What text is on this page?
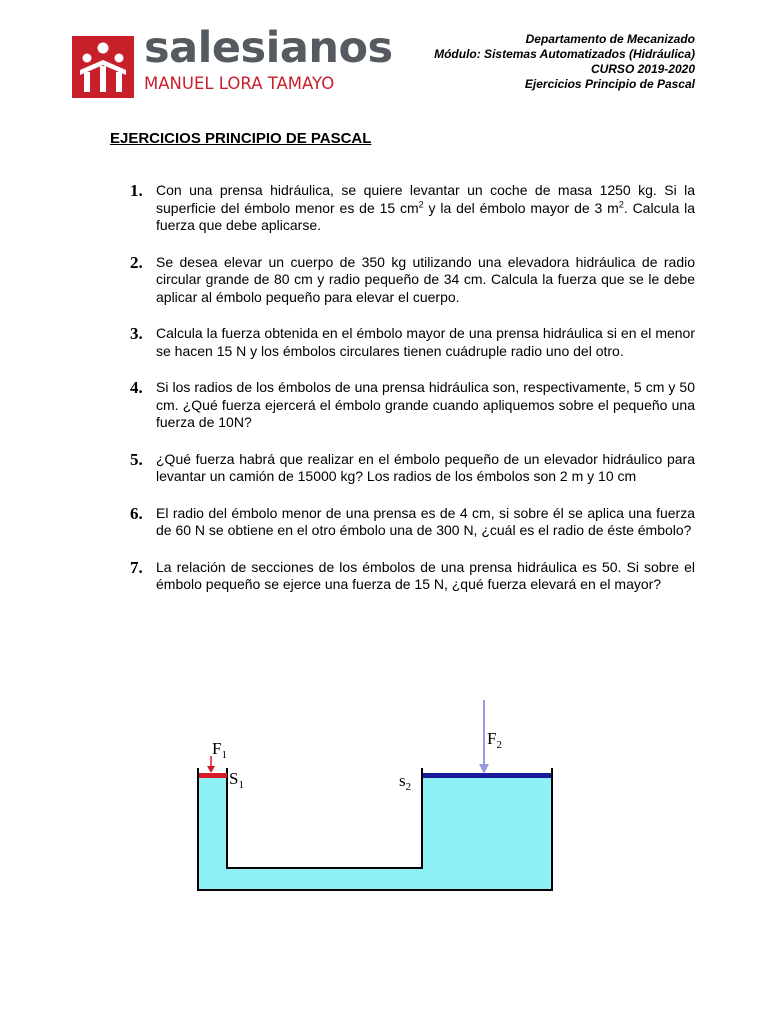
salesianos
MANUEL LORA TAMAYO
Departamento de Mecanizado
Módulo: Sistemas Automatizados (Hidráulica)
CURSO 2019-2020
Ejercicios Principio de Pascal
EJERCICIOS PRINCIPIO DE PASCAL
1. Con una prensa hidráulica, se quiere levantar un coche de masa 1250 kg. Si la superficie del émbolo menor es de 15 $cm^2$ y la del émbolo mayor de 3 $m^2$. Calcula la fuerza que debe aplicarse.
2. Se desea elevar un cuerpo de 350 kg utilizando una elevadora hidráulica de radio circular grande de 80 cm y radio pequeño de 34 cm. Calcula la fuerza que se le debe aplicar al émbolo pequeño para elevar el cuerpo.
3. Calcula la fuerza obtenida en el émbolo mayor de una prensa hidráulica si en el menor se hacen 15 N y los émbolos circulares tienen cuádruple radio uno del otro.
4. Si los radios de los émbolos de una prensa hidráulica son, respectivamente, 5 cm y 50 cm. ¿Qué fuerza ejercerá el émbolo grande cuando apliquemos sobre el pequeño una fuerza de 10N?
5. ¿Qué fuerza habrá que realizar en el émbolo pequeño de un elevador hidráulico para levantar un camión de 15000 kg? Los radios de los émbolos son 2 m y 10 cm
6. El radio del émbolo menor de una prensa es de 4 cm, si sobre él se aplica una fuerza de 60 N se obtiene en el otro émbolo una de 300 N, ¿cuál es el radio de éste émbolo?
7. La relación de secciones de los émbolos de una prensa hidráulica es 50. Si sobre el émbolo pequeño se ejerce una fuerza de 15 N, ¿qué fuerza elevará en el mayor?
$F_1$
$S_1$	$s_2$
$F_2$
